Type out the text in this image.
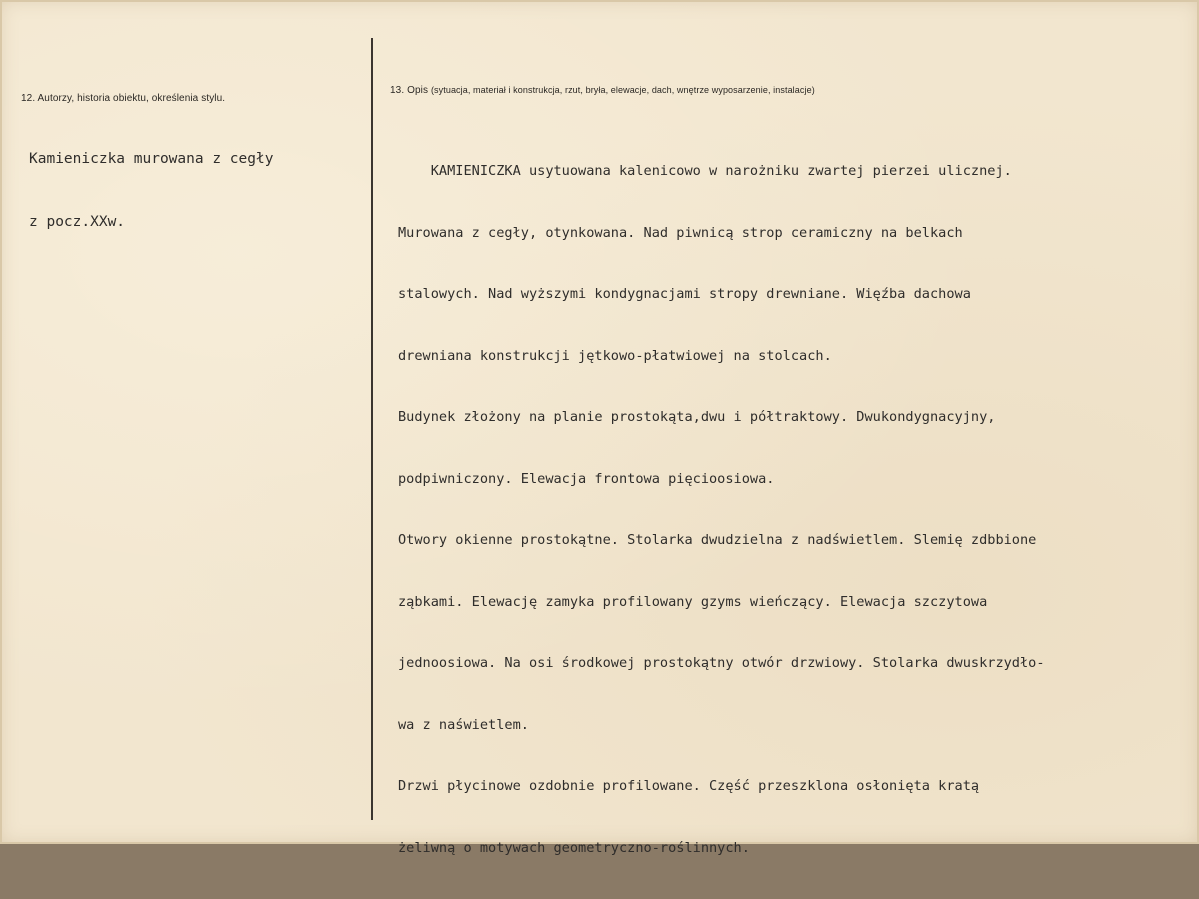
12. Autorzy, historia obiektu, określenia stylu.

Kamieniczka murowana z cegły

z pocz.XXw.

13. Opis (sytuacja, materiał i konstrukcja, rzut, bryła, elewacje, dach, wnętrze wyposarzenie, instalacje)

KAMIENICZKA usytuowana kalenicowo w narożniku zwartej pierzei ulicznej.

Murowana z cegły, otynkowana. Nad piwnicą strop ceramiczny na belkach

stalowych. Nad wyższymi kondygnacjami stropy drewniane. Więźba dachowa

drewniana konstrukcji jętkowo-płatwiowej na stolcach.

Budynek złożony na planie prostokąta,dwu i półtraktowy. Dwukondygnacyjny,

podpiwniczony. Elewacja frontowa pięcioosiowa.

Otwory okienne prostokątne. Stolarka dwudzielna z nadświetlem. Slemię zdbbione

ząbkami. Elewację zamyka profilowany gzyms wieńczący. Elewacja szczytowa

jednoosiowa. Na osi środkowej prostokątny otwór drzwiowy. Stolarka dwuskrzydło-

wa z naświetlem.

Drzwi płycinowe ozdobnie profilowane. Część przeszklona osłonięta kratą

żeliwną o motywach geometryczno-roślinnych.
